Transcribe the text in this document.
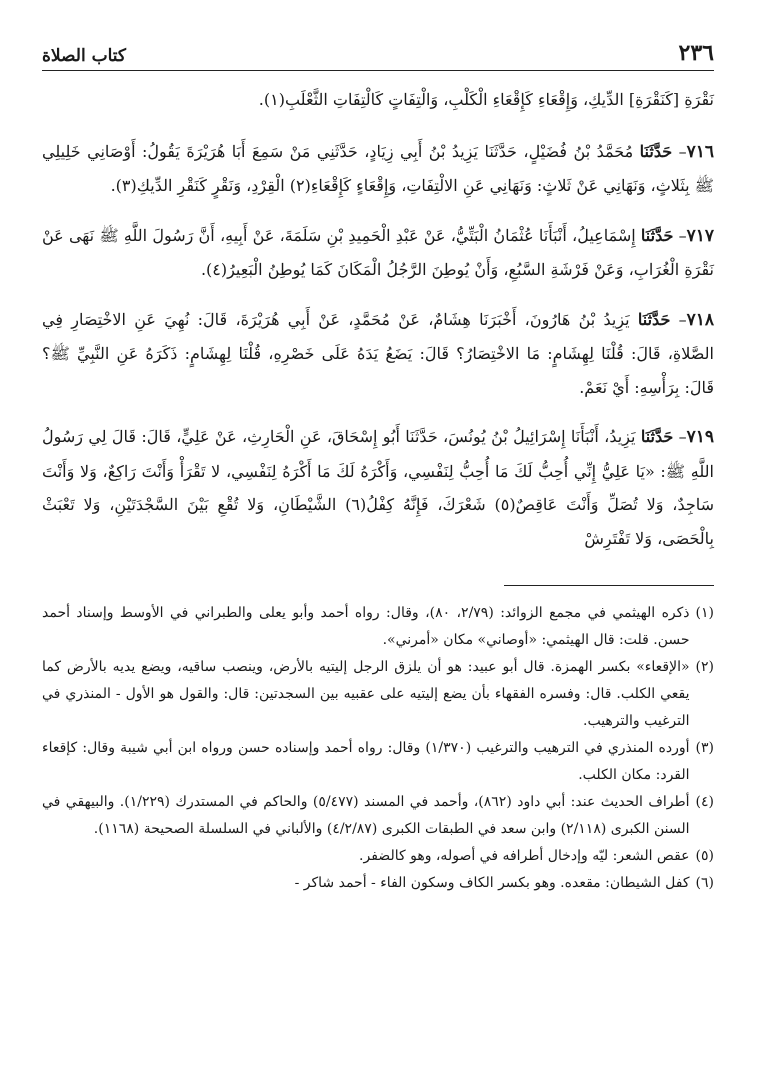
٢٣٦
كتاب الصلاة

نَقْرَةِ [كَنَقْرَةِ] الدِّيكِ، وَإِقْعَاءِ كَإِقْعَاءِ الْكَلْبِ، وَالْتِفَاتٍ كَالْتِفَاتِ الثَّعْلَبِ(١).

٧١٦– حَدَّثَنَا مُحَمَّدُ بْنُ فُضَيْلٍ، حَدَّثَنَا يَزِيدُ بْنُ أَبِي زِيَادٍ، حَدَّثَنِي مَنْ سَمِعَ أَبَا هُرَيْرَةَ يَقُولُ: أَوْصَانِي خَلِيلِي ﷺ بِثَلاثٍ، وَنَهَانِي عَنْ ثَلاثٍ: وَنَهَانِي عَنِ الالْتِفَاتِ، وَإِقْعَاءٍ كَإِقْعَاءِ(٢) الْقِرْدِ، وَنَقْرٍ كَنَقْرِ الدِّيكِ(٣).

٧١٧– حَدَّثَنَا إِسْمَاعِيلُ، أَنْبَأَنَا عُثْمَانُ الْبَتِّيُّ، عَنْ عَبْدِ الْحَمِيدِ بْنِ سَلَمَةَ، عَنْ أَبِيهِ، أَنَّ رَسُولَ اللَّهِ ﷺ نَهَى عَنْ نَقْرَةِ الْغُرَابِ، وَعَنْ فَرْشَةِ السَّبُعِ، وَأَنْ يُوطِنَ الرَّجُلُ الْمَكَانَ كَمَا يُوطِنُ الْبَعِيرُ(٤).

٧١٨– حَدَّثَنَا يَزِيدُ بْنُ هَارُونَ، أَخْبَرَنَا هِشَامٌ، عَنْ مُحَمَّدٍ، عَنْ أَبِي هُرَيْرَةَ، قَالَ: نُهِيَ عَنِ الاخْتِصَارِ فِي الصَّلاةِ، قَالَ: قُلْنَا لِهِشَامٍ: مَا الاخْتِصَارُ؟ قَالَ: يَضَعُ يَدَهُ عَلَى خَصْرِهِ، قُلْنَا لِهِشَامٍ: ذَكَرَهُ عَنِ النَّبِيِّ ﷺ؟ قَالَ: بِرَأْسِهِ: أَيْ نَعَمْ.

٧١٩– حَدَّثَنَا يَزِيدُ، أَنْبَأَنَا إِسْرَائِيلُ بْنُ يُونُسَ، حَدَّثَنَا أَبُو إِسْحَاقَ، عَنِ الْحَارِثِ، عَنْ عَلِيٍّ، قَالَ: قَالَ لِي رَسُولُ اللَّهِ ﷺ: «يَا عَلِيُّ إِنِّي أُحِبُّ لَكَ مَا أُحِبُّ لِنَفْسِي، وَأَكْرَهُ لَكَ مَا أَكْرَهُ لِنَفْسِي، لا تَقْرَأْ وَأَنْتَ رَاكِعٌ، وَلا وَأَنْتَ سَاجِدٌ، وَلا تُصَلِّ وَأَنْتَ عَاقِصٌ(٥) شَعْرَكَ، فَإِنَّهُ كِفْلُ(٦) الشَّيْطَانِ، وَلا تُقْعِ بَيْنَ السَّجْدَتَيْنِ، وَلا تَعْبَثْ بِالْحَصَى، وَلا تَفْتَرِشْ

(١)
ذكره الهيثمي في مجمع الزوائد: (٢/٧٩، ٨٠)، وقال: رواه أحمد وأبو يعلى والطبراني في الأوسط وإسناد أحمد حسن. قلت: قال الهيثمي: «أوصاني» مكان «أمرني».

(٢)
«الإقعاء» بكسر الهمزة. قال أبو عبيد: هو أن يلزق الرجل إليتيه بالأرض، وينصب ساقيه، ويضع يديه بالأرض كما يقعي الكلب. قال: وفسره الفقهاء بأن يضع إليتيه على عقبيه بين السجدتين: قال: والقول هو الأول - المنذري في الترغيب والترهيب.

(٣)
أورده المنذري في الترهيب والترغيب (١/٣٧٠) وقال: رواه أحمد وإسناده حسن ورواه ابن أبي شيبة وقال: كإقعاء القرد: مكان الكلب.

(٤)
أطراف الحديث عند: أبي داود (٨٦٢)، وأحمد في المسند (٥/٤٧٧) والحاكم في المستدرك (١/٢٢٩). والبيهقي في السنن الكبرى (٢/١١٨) وابن سعد في الطبقات الكبرى (٤/٢/٨٧) والألباني في السلسلة الصحيحة (١١٦٨).

(٥)
عقص الشعر: ليّه وإدخال أطرافه في أصوله، وهو كالضفر.

(٦)
كفل الشيطان: مقعده. وهو بكسر الكاف وسكون الفاء - أحمد شاكر -
